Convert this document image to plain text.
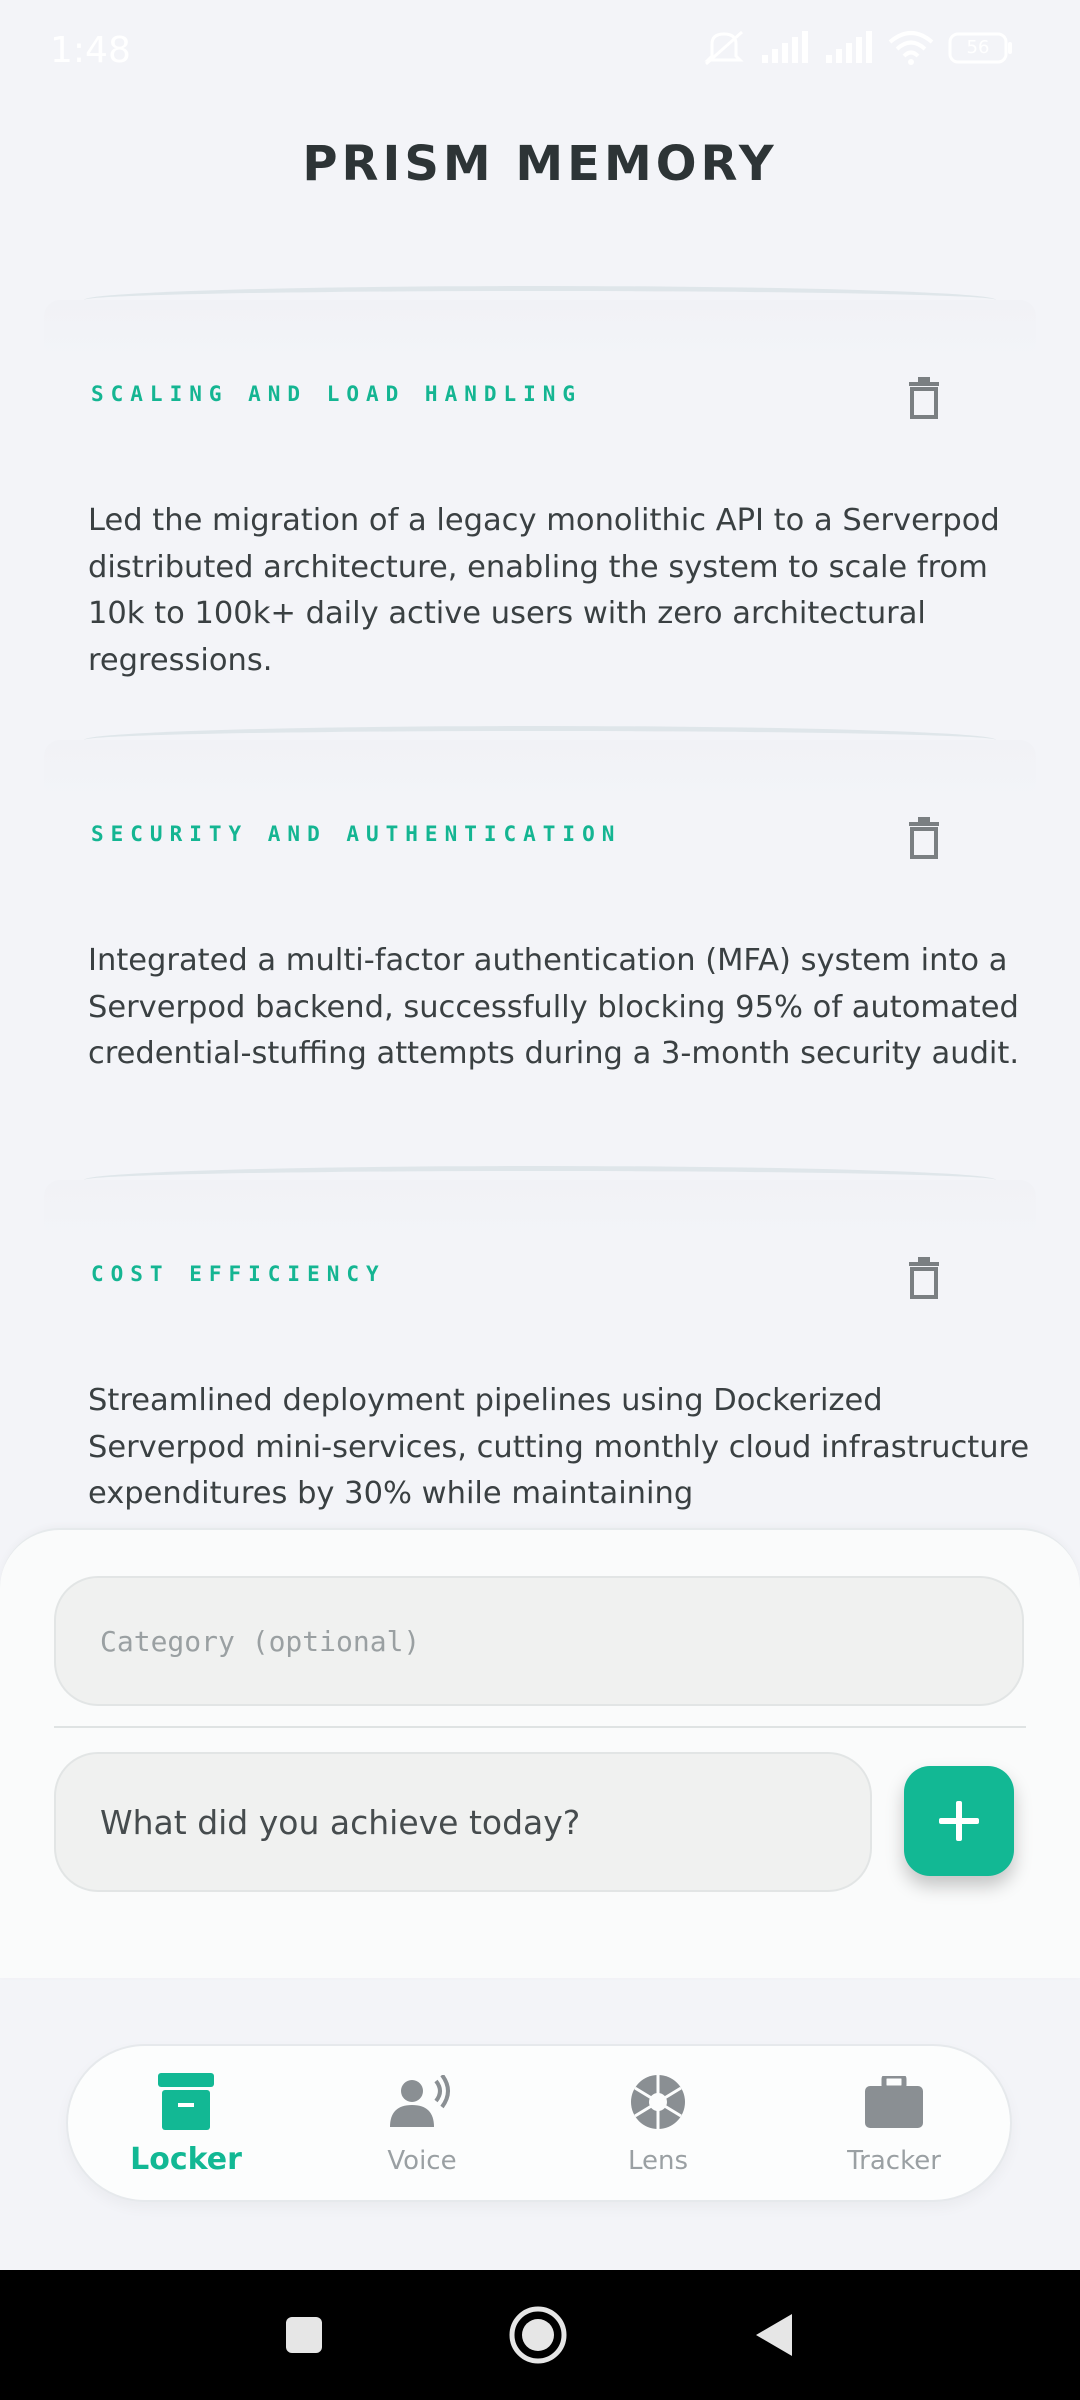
1:48	56
PRISM MEMORY
SCALING AND LOAD HANDLING

Led the migration of a legacy monolithic API to a Serverpod distributed architecture, enabling the system to scale from 10k to 100k+ daily active users with zero architectural regressions.

SECURITY AND AUTHENTICATION

Integrated a multi-factor authentication (MFA) system into a Serverpod backend, successfully blocking 95% of automated credential-stuffing attempts during a 3-month security audit.

COST EFFICIENCY

Streamlined deployment pipelines using Dockerized Serverpod mini-services, cutting monthly cloud infrastructure expenditures by 30% while maintaining

Category (optional)
What did you achieve today?
Locker	Voice	Lens	Tracker
